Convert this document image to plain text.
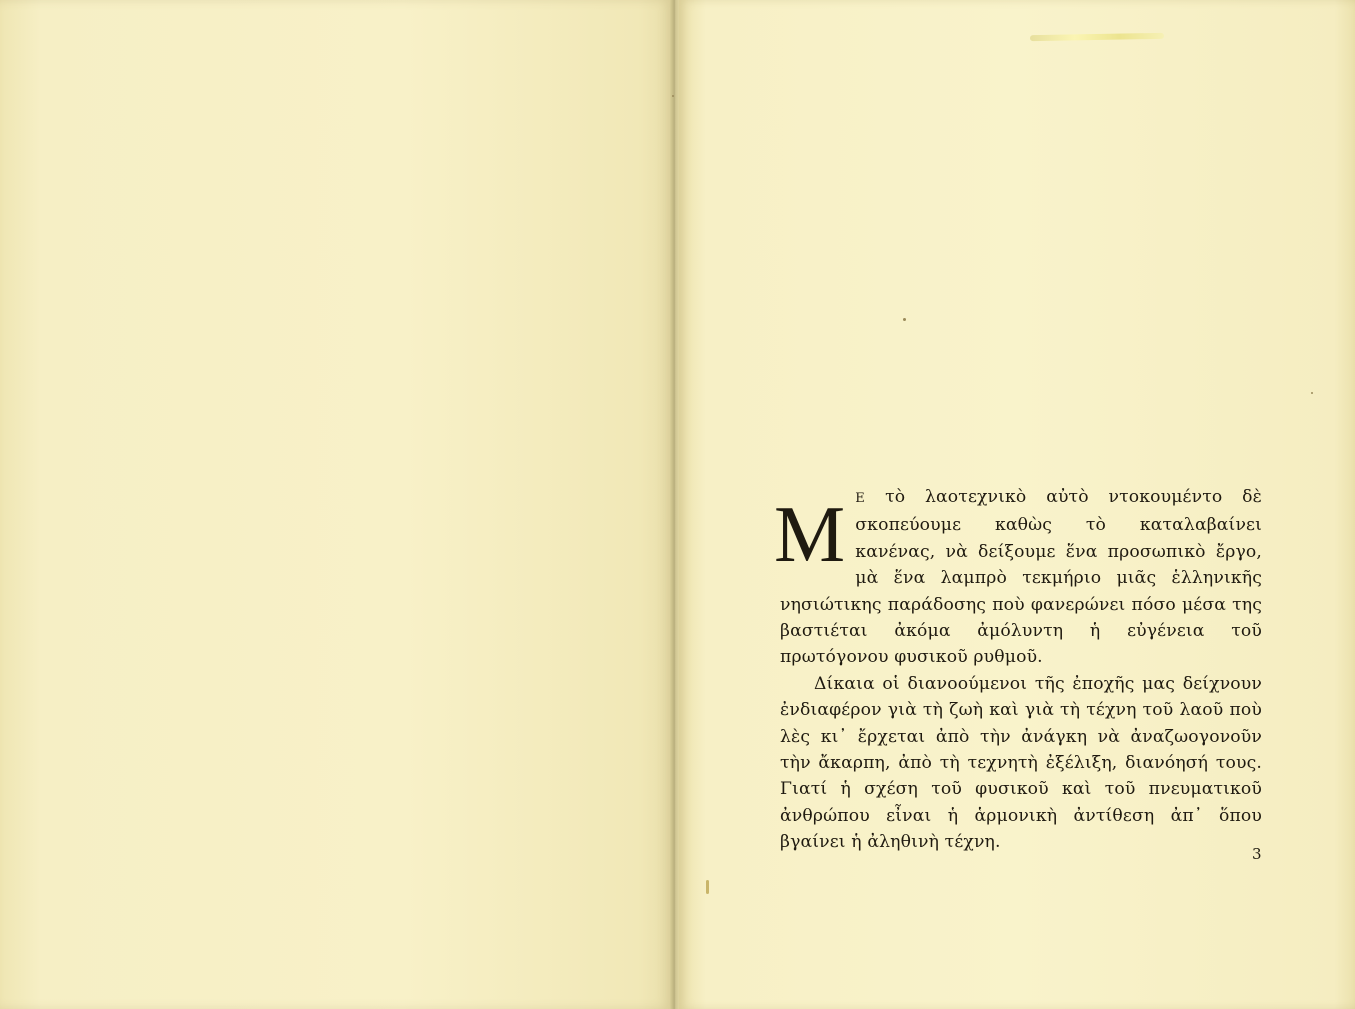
M Ε τὸ λαοτεχνικὸ αὐτὸ ντοκουμέντο δὲ σκοπεύουμε καθὼς τὸ καταλαβαίνει κανένας, νὰ δείξουμε ἕνα προσωπικὸ ἔργο, μὰ ἕνα λαμπρὸ τεκμήριο μιᾶς ἑλληνικῆς νησιώτικης παράδοσης ποὺ φανερώνει πόσο μέσα της βαστιέται ἀκόμα ἀμόλυντη ἡ εὐγένεια τοῦ πρωτόγονου φυσικοῦ ρυθμοῦ.

Δίκαια οἱ διανοούμενοι τῆς ἐποχῆς μας δείχνουν ἐνδιαφέρον γιὰ τὴ ζωὴ καὶ γιὰ τὴ τέχνη τοῦ λαοῦ ποὺ λὲς κι᾽ ἔρχεται ἀπὸ τὴν ἀνάγκη νὰ ἀναζωογονοῦν τὴν ἄκαρπη, ἀπὸ τὴ τεχνητὴ ἐξέλιξη, διανόησή τους. Γιατί ἡ σχέση τοῦ φυσικοῦ καὶ τοῦ πνευματικοῦ ἀνθρώπου εἶναι ἡ ἁρμονικὴ ἀντίθεση ἀπ᾽ ὅπου βγαίνει ἡ ἀληθινὴ τέχνη.

3
